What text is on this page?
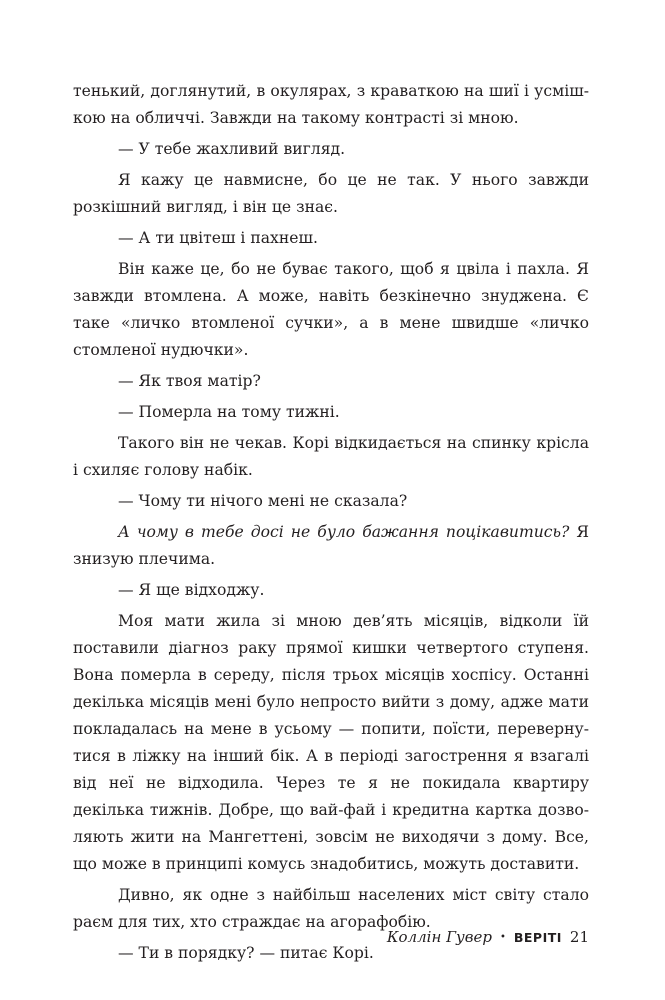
тенький, доглянутий, в окулярах, з краваткою на шиї і усмішкою на обличчі. Завжди на такому контрасті зі мною.

— У тебе жахливий вигляд.

Я кажу це навмисне, бо це не так. У нього завжди розкішний вигляд, і він це знає.

— А ти цвітеш і пахнеш.

Він каже це, бо не буває такого, щоб я цвіла і пахла. Я завжди втомлена. А може, навіть безкінечно знуджена. Є таке «личко втомленої сучки», а в мене швидше «личко стомленої нудючки».

— Як твоя матір?

— Померла на тому тижні.

Такого він не чекав. Корі відкидається на спинку крісла і схиляє голову набік.

— Чому ти нічого мені не сказала?

А чому в тебе досі не було бажання поцікавитись? Я знизую плечима.

— Я ще відходжу.

Моя мати жила зі мною дев’ять місяців, відколи їй поставили діагноз раку прямої кишки четвертого ступеня. Вона померла в середу, після трьох місяців хоспісу. Останні декілька місяців мені було непросто вийти з дому, адже мати покладалась на мене в усьому — попити, поїсти, перевернутися в ліжку на інший бік. А в періоді загострення я взагалі від неї не відходила. Через те я не покидала квартиру декілька тижнів. Добре, що вай-фай і кредитна картка дозволяють жити на Мангеттені, зовсім не виходячи з дому. Все, що може в принципі комусь знадобитись, можуть доставити.

Дивно, як одне з найбільш населених міст світу стало раєм для тих, хто страждає на агорафобію.

— Ти в порядку? — питає Корі.

Коллін Гувер • ВЕРІТІ 21
